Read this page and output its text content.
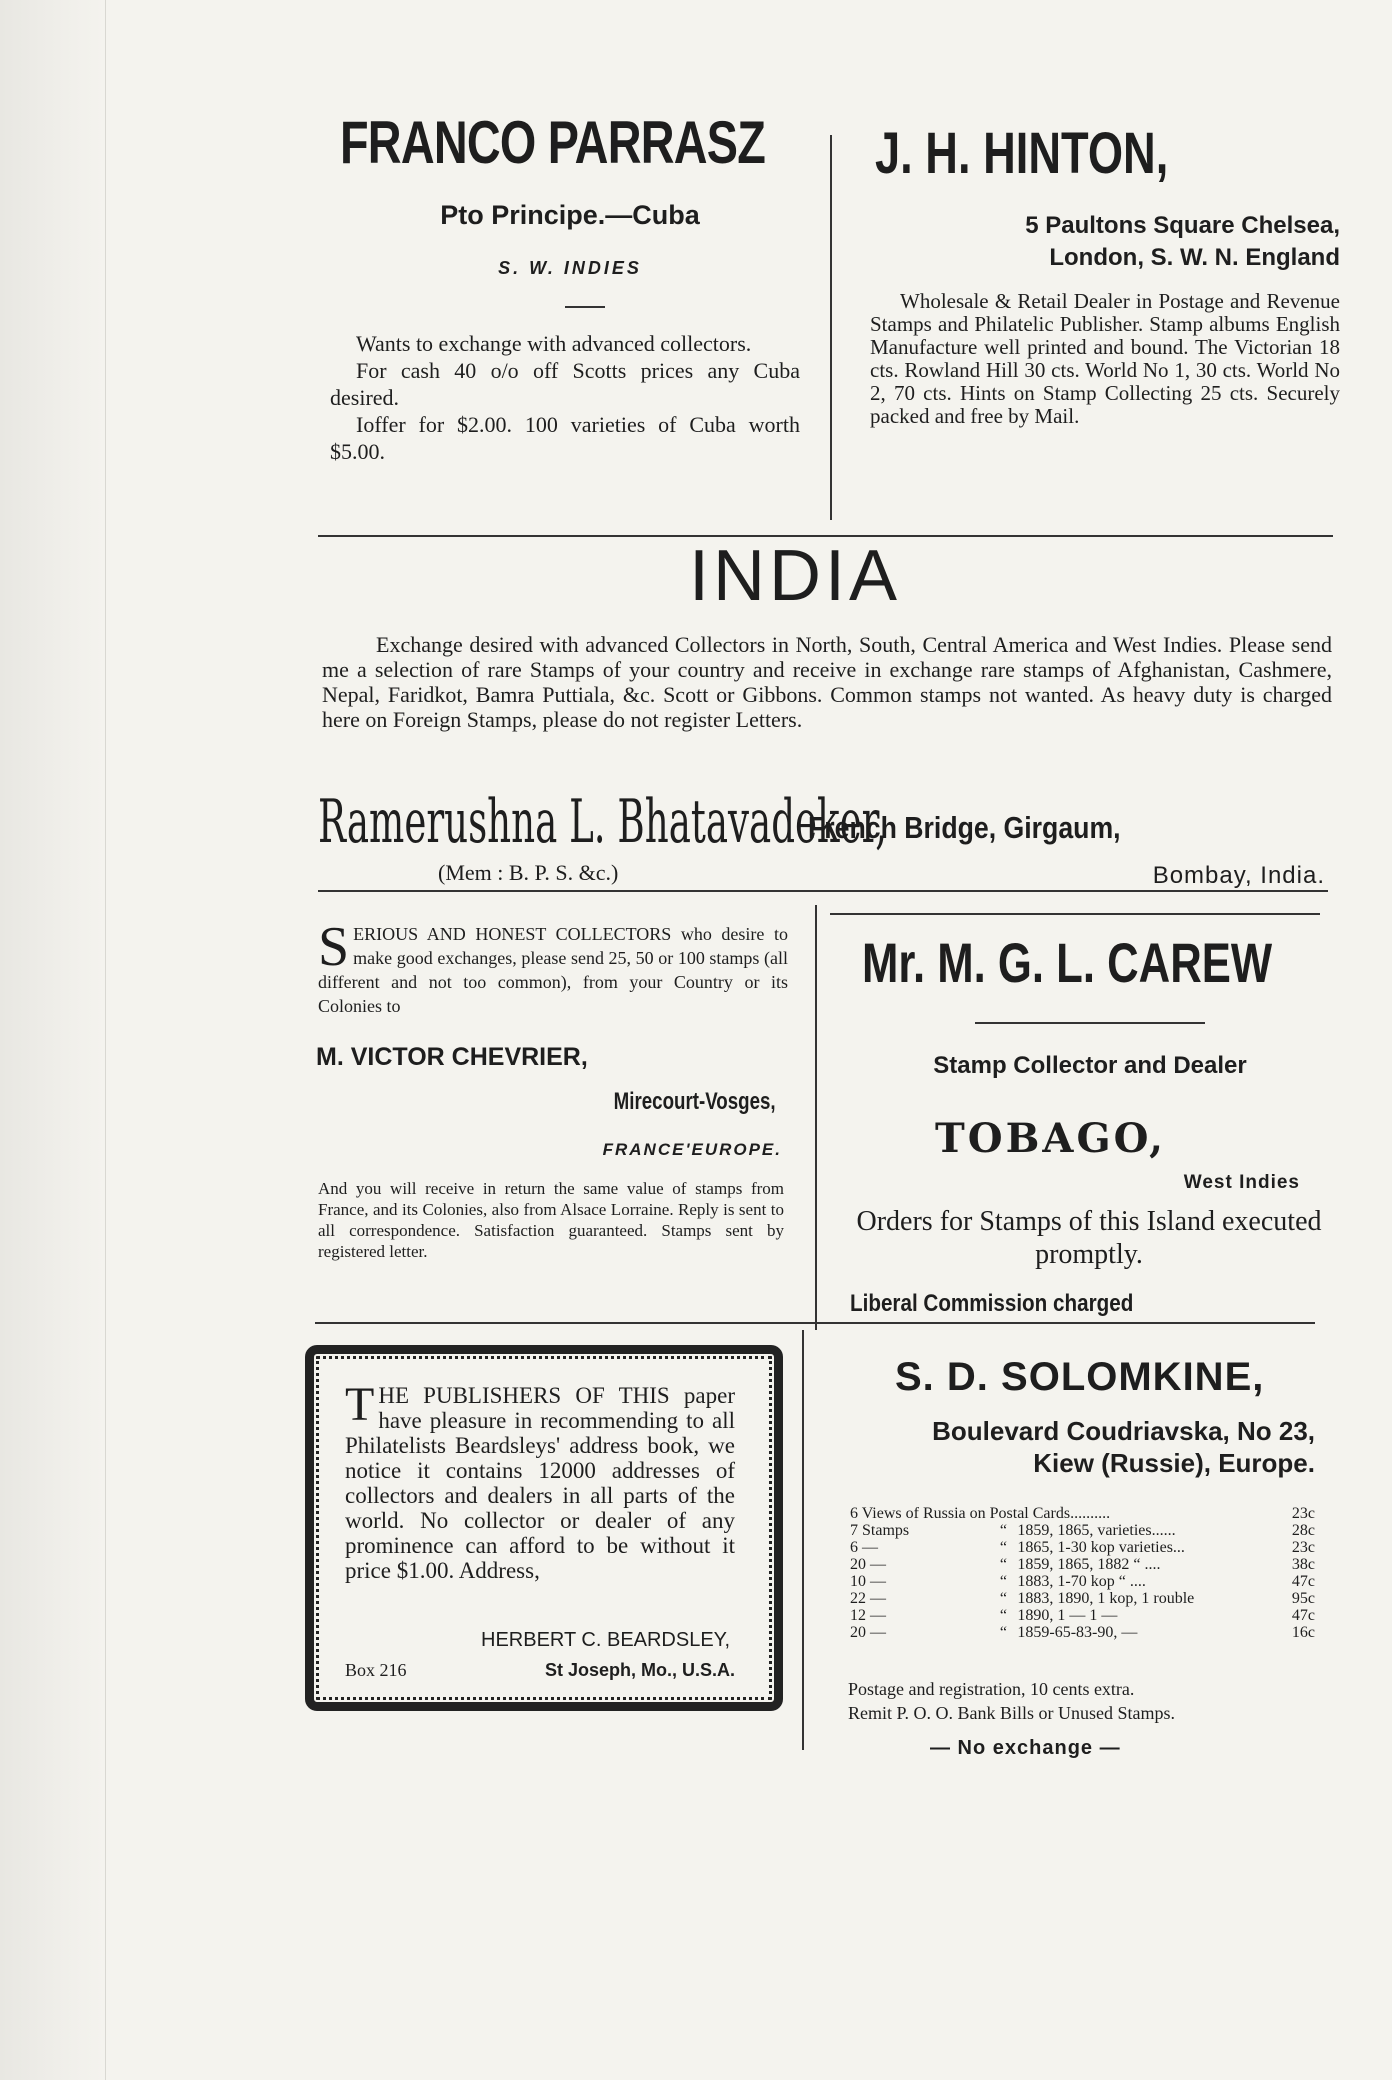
FRANCO PARRASZ
Pto Principe.—Cuba
S. W. INDIES

Wants to exchange with advanced collectors.

For cash 40 o/o off Scotts prices any Cuba desired.

Ioffer for $2.00. 100 varieties of Cuba worth $5.00.

J. H. HINTON,
5 Paultons Square Chelsea,
London, S. W. N. England

Wholesale & Retail Dealer in Postage and Revenue Stamps and Philatelic Publisher. Stamp albums English Manufacture well printed and bound. The Victorian 18 cts. Rowland Hill 30 cts. World No 1, 30 cts. World No 2, 70 cts. Hints on Stamp Collecting 25 cts. Securely packed and free by Mail.

INDIA

Exchange desired with advanced Collectors in North, South, Central America and West Indies. Please send me a selection of rare Stamps of your country and receive in exchange rare stamps of Afghanistan, Cashmere, Nepal, Faridkot, Bamra Puttiala, &c. Scott or Gibbons. Common stamps not wanted. As heavy duty is charged here on Foreign Stamps, please do not register Letters.

Ramerushna L. Bhatavadeker,
French Bridge, Girgaum,
(Mem : B. P. S. &c.)	Bombay, India.
S ERIOUS AND HONEST COLLECTORS who desire to make good exchanges, please send 25, 50 or 100 stamps (all different and not too common), from your Country or its Colonies to
M. VICTOR CHEVRIER,
Mirecourt-Vosges,
FRANCE'EUROPE.

And you will receive in return the same value of stamps from France, and its Colonies, also from Alsace Lorraine. Reply is sent to all correspondence. Satisfaction guaranteed. Stamps sent by registered letter.

Mr. M. G. L. CAREW
Stamp Collector and Dealer
TOBAGO,
West Indies
Orders for Stamps of this Island executed promptly.
Liberal Commission charged
T HE PUBLISHERS OF THIS paper have pleasure in recommending to all Philatelists Beardsleys' address book, we notice it contains 12000 addresses of collectors and dealers in all parts of the world. No collector or dealer of any prominence can afford to be without it price $1.00. Address,
HERBERT C. BEARDSLEY,
Box 216	St Joseph, Mo., U.S.A.
S. D. SOLOMKINE,
Boulevard Coudriavska, No 23,
Kiew (Russie), Europe.
6 Views of Russia on Postal Cards..........			23c
7 Stamps	“	1859, 1865, varieties......	28c
6 —	“	1865, 1-30 kop varieties...	23c
20 —	“	1859, 1865, 1882 “ ....	38c
10 —	“	1883, 1-70 kop “ ....	47c
22 —	“	1883, 1890, 1 kop, 1 rouble	95c
12 —	“	1890, 1 — 1 —	47c
20 —	“	1859-65-83-90, —	16c
Postage and registration, 10 cents extra.
Remit P. O. O. Bank Bills or Unused Stamps.
— No exchange —
